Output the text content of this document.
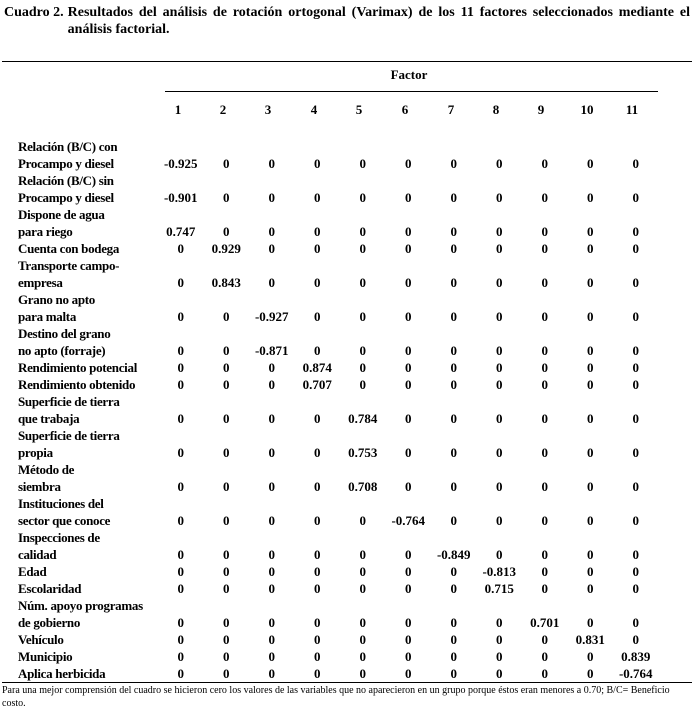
Cuadro 2. Resultados del análisis de rotación ortogonal (Varimax) de los 11 factores seleccionados mediante el análisis factorial.
Factor
1	2	3	4	5	6	7	8	9	10	11
Relación (B/C) con
Procampo y diesel	-0.925	0	0	0	0	0	0	0	0	0	0

Relación (B/C) sin
Procampo y diesel	-0.901	0	0	0	0	0	0	0	0	0	0

Dispone de agua
para riego	0.747	0	0	0	0	0	0	0	0	0	0

Cuenta con bodega	0	0.929	0	0	0	0	0	0	0	0	0

Transporte campo-
empresa	0	0.843	0	0	0	0	0	0	0	0	0

Grano no apto
para malta	0	0	-0.927	0	0	0	0	0	0	0	0

Destino del grano
no apto (forraje)	0	0	-0.871	0	0	0	0	0	0	0	0

Rendimiento potencial	0	0	0	0.874	0	0	0	0	0	0	0

Rendimiento obtenido	0	0	0	0.707	0	0	0	0	0	0	0

Superficie de tierra
que trabaja	0	0	0	0	0.784	0	0	0	0	0	0

Superficie de tierra
propia	0	0	0	0	0.753	0	0	0	0	0	0

Método de
siembra	0	0	0	0	0.708	0	0	0	0	0	0

Instituciones del
sector que conoce	0	0	0	0	0	-0.764	0	0	0	0	0

Inspecciones de
calidad	0	0	0	0	0	0	-0.849	0	0	0	0

Edad	0	0	0	0	0	0	0	-0.813	0	0	0

Escolaridad	0	0	0	0	0	0	0	0.715	0	0	0

Núm. apoyo programas
de gobierno	0	0	0	0	0	0	0	0	0.701	0	0

Vehículo	0	0	0	0	0	0	0	0	0	0.831	0

Municipio	0	0	0	0	0	0	0	0	0	0	0.839

Aplica herbicida	0	0	0	0	0	0	0	0	0	0	-0.764
Para una mejor comprensión del cuadro se hicieron cero los valores de las variables que no aparecieron en un grupo porque éstos eran menores a 0.70; B/C= Beneficio costo.
